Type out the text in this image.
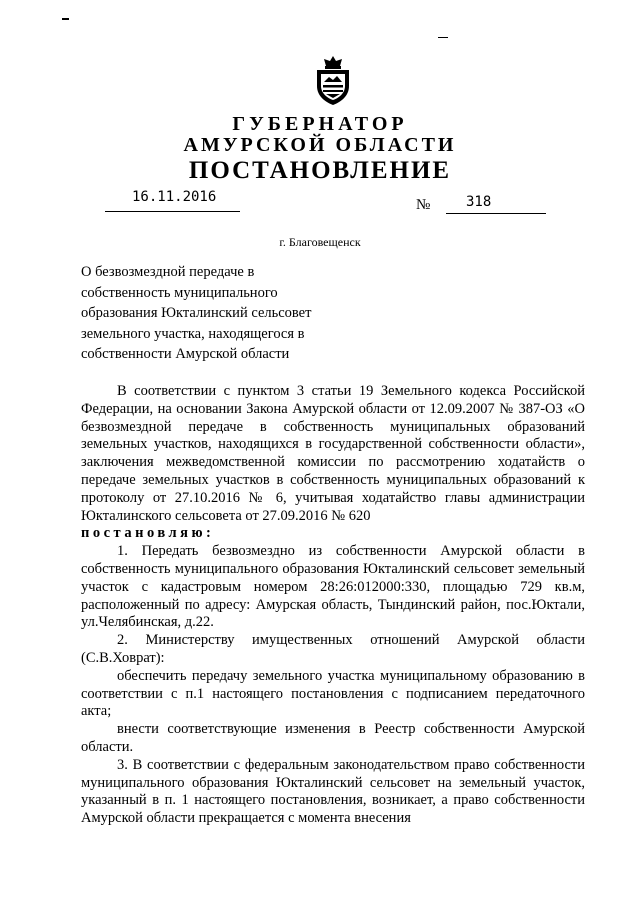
ГУБЕРНАТОР
АМУРСКОЙ ОБЛАСТИ
ПОСТАНОВЛЕНИЕ
16.11.2016	№	318
г. Благовещенск
О безвозмездной передаче в
собственность муниципального
образования Юкталинский сельсовет
земельного участка, находящегося в
собственности Амурской области

В соответствии с пунктом 3 статьи 19 Земельного кодекса Российской Федерации, на основании Закона Амурской области от 12.09.2007 № 387-ОЗ «О безвозмездной передаче в собственность муниципальных образований земельных участков, находящихся в государственной собственности области», заключения межведомственной комиссии по рассмотрению ходатайств о передаче земельных участков в собственность муниципальных образований к протоколу от 27.10.2016 № 6, учитывая ходатайство главы администрации Юкталинского сельсовета от 27.09.2016 № 620

постановляю:

1. Передать безвозмездно из собственности Амурской области в собственность муниципального образования Юкталинский сельсовет земельный участок с кадастровым номером 28:26:012000:330, площадью 729 кв.м, расположенный по адресу: Амурская область, Тындинский район, пос.Юктали, ул.Челябинская, д.22.

2. Министерству имущественных отношений Амурской области (С.В.Ховрат):

обеспечить передачу земельного участка муниципальному образованию в соответствии с п.1 настоящего постановления с подписанием передаточного акта;

внести соответствующие изменения в Реестр собственности Амурской области.

3. В соответствии с федеральным законодательством право собственности муниципального образования Юкталинский сельсовет на земельный участок, указанный в п. 1 настоящего постановления, возникает, а право собственности Амурской области прекращается с момента внесения
